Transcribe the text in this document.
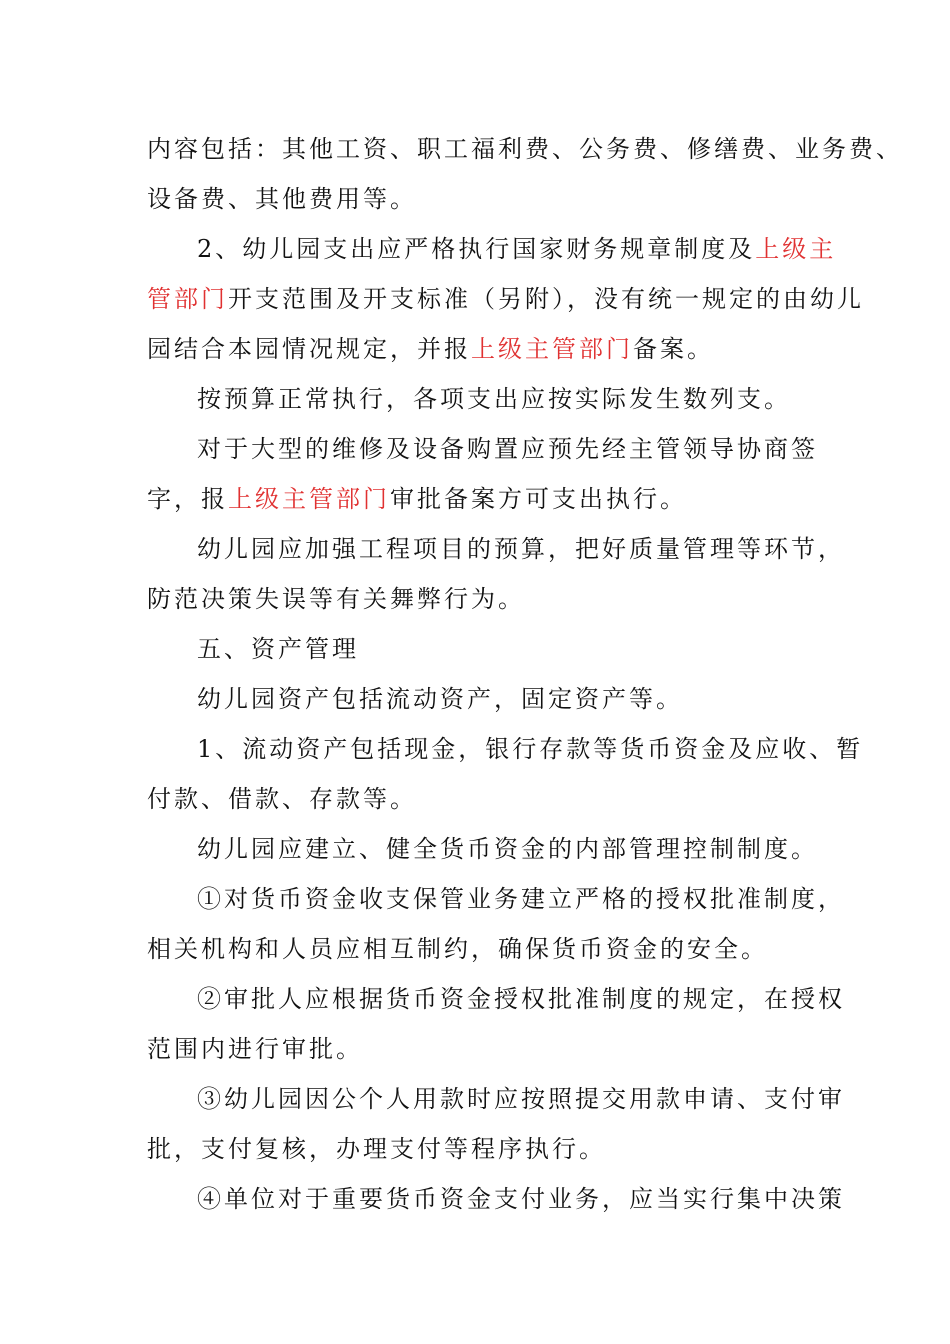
内容包括：其他工资、职工福利费、公务费、修缮费、业务费、
设备费、其他费用等。
2、幼儿园支出应严格执行国家财务规章制度及上级主
管部门开支范围及开支标准（另附），没有统一规定的由幼儿
园结合本园情况规定，并报上级主管部门备案。
按预算正常执行，各项支出应按实际发生数列支。
对于大型的维修及设备购置应预先经主管领导协商签
字，报上级主管部门审批备案方可支出执行。
幼儿园应加强工程项目的预算，把好质量管理等环节，
防范决策失误等有关舞弊行为。
五、资产管理
幼儿园资产包括流动资产，固定资产等。
1、流动资产包括现金，银行存款等货币资金及应收、暂
付款、借款、存款等。
幼儿园应建立、健全货币资金的内部管理控制制度。
①对货币资金收支保管业务建立严格的授权批准制度，
相关机构和人员应相互制约，确保货币资金的安全。
②审批人应根据货币资金授权批准制度的规定，在授权
范围内进行审批。
③幼儿园因公个人用款时应按照提交用款申请、支付审
批，支付复核，办理支付等程序执行。
④单位对于重要货币资金支付业务，应当实行集中决策
